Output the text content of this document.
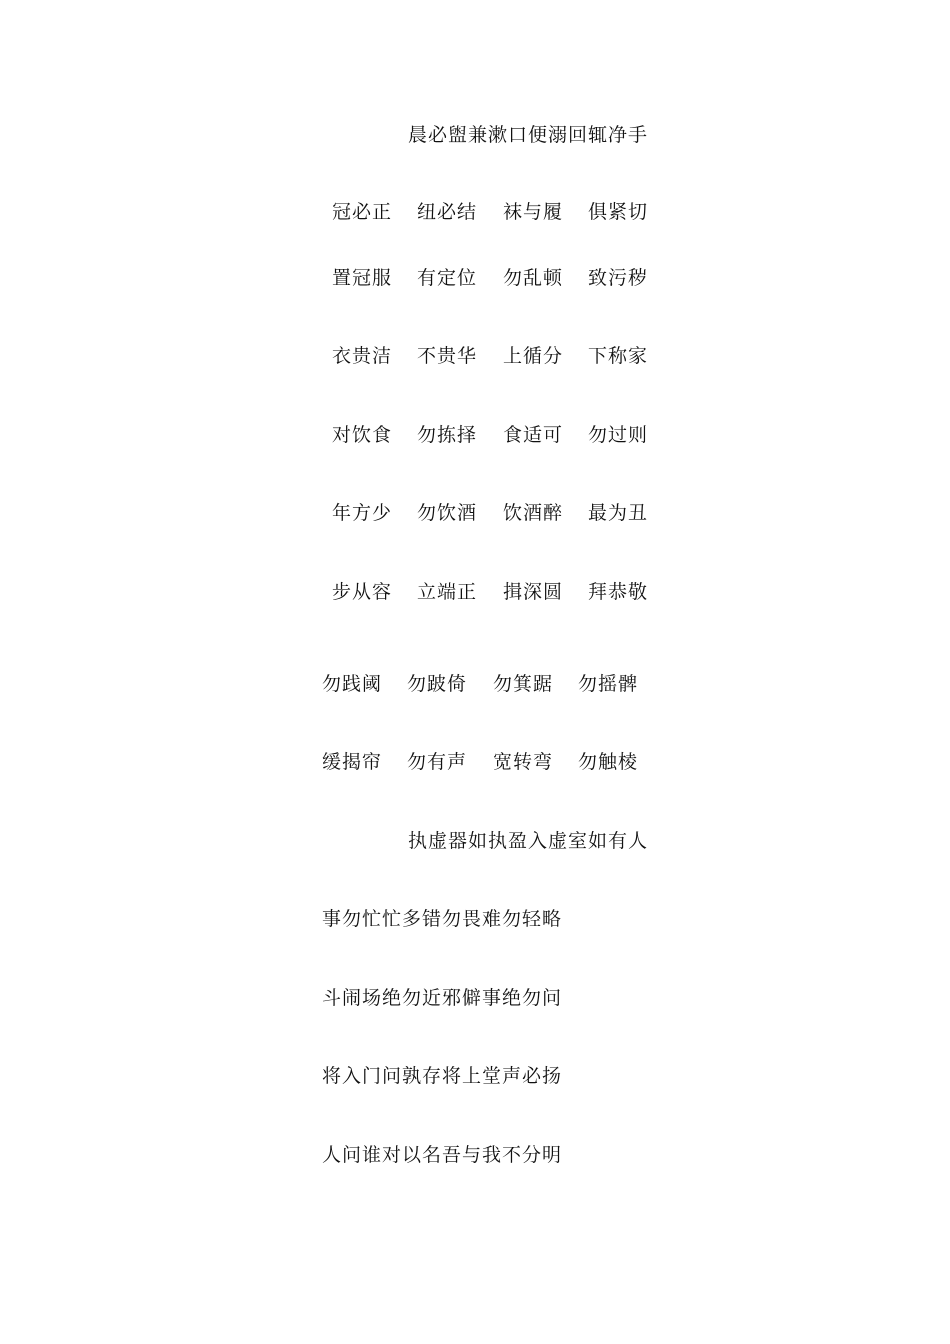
晨必盥兼漱口便溺回辄净手
冠必正	纽必结	袜与履	俱紧切
置冠服	有定位	勿乱顿	致污秽
衣贵洁	不贵华	上循分	下称家
对饮食	勿拣择	食适可	勿过则
年方少	勿饮酒	饮酒醉	最为丑
步从容	立端正	揖深圆	拜恭敬
勿践阈 勿跛倚 勿箕踞 勿摇髀
缓揭帘 勿有声 宽转弯 勿触棱
执虚器如执盈入虚室如有人
事勿忙忙多错勿畏难勿轻略
斗闹场绝勿近邪僻事绝勿问
将入门问孰存将上堂声必扬
人问谁对以名吾与我不分明
